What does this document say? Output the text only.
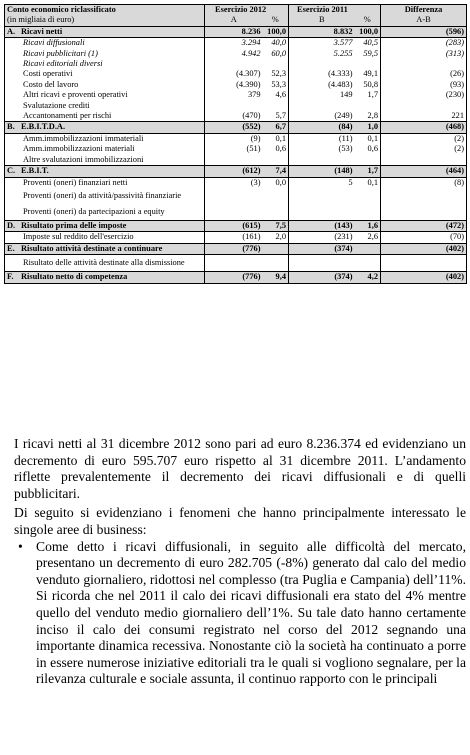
Conto economico riclassificato	Esercizio 2012		Esercizio 2011		Differenza
(in migliaia di euro)	A	%	B	%	A-B
A. Ricavi netti	8.236	100,0	8.832	100,0	(596)
Ricavi diffusionali	3.294	40,0	3.577	40,5	(283)
Ricavi pubblicitari (1)	4.942	60,0	5.255	59,5	(313)
Ricavi editoriali diversi					
Costi operativi	(4.307)	52,3	(4.333)	49,1	(26)
Costo del lavoro	(4.390)	53,3	(4.483)	50,8	(93)
Altri ricavi e proventi operativi	379	4,6	149	1,7	(230)
Svalutazione crediti					
Accantonamenti per rischi	(470)	5,7	(249)	2,8	221
B. E.B.I.T.D.A.	(552)	6,7	(84)	1,0	(468)
Amm.immobilizzazioni immateriali	(9)	0,1	(11)	0,1	(2)
Amm.immobilizzazioni materiali	(51)	0,6	(53)	0,6	(2)
Altre svalutazioni immobilizzazioni					
C. E.B.I.T.	(612)	7,4	(148)	1,7	(464)
Proventi (oneri) finanziari netti	(3)	0,0	5	0,1	(8)
Proventi (oneri) da attività/passività finanziarie					
Proventi (oneri) da partecipazioni a equity					
D. Risultato prima delle imposte	(615)	7,5	(143)	1,6	(472)
Imposte sul reddito dell'esercizio	(161)	2,0	(231)	2,6	(70)
E. Risultato attività destinate a continuare	(776)		(374)		(402)
Risultato delle attività destinate alla dismissione					
F. Risultato netto di competenza	(776)	9,4	(374)	4,2	(402)

I ricavi netti al 31 dicembre 2012 sono pari ad euro 8.236.374 ed evidenziano un decremento di euro 595.707 euro rispetto al 31 dicembre 2011. L’andamento riflette prevalentemente il decremento dei ricavi diffusionali e di quelli pubblicitari.

Di seguito si evidenziano i fenomeni che hanno principalmente interessato le singole aree di business:

• Come detto i ricavi diffusionali, in seguito alle difficoltà del mercato, presentano un decremento di euro 282.705 (-8%) generato dal calo del medio venduto giornaliero, ridottosi nel complesso (tra Puglia e Campania) dell’11%. Si ricorda che nel 2011 il calo dei ricavi diffusionali era stato del 4% mentre quello del venduto medio giornaliero dell’1%. Su tale dato hanno certamente inciso il calo dei consumi registrato nel corso del 2012 segnando una importante dinamica recessiva. Nonostante ciò la società ha continuato a porre in essere numerose iniziative editoriali tra le quali si vogliono segnalare, per la rilevanza culturale e sociale assunta, il continuo rapporto con le principali
